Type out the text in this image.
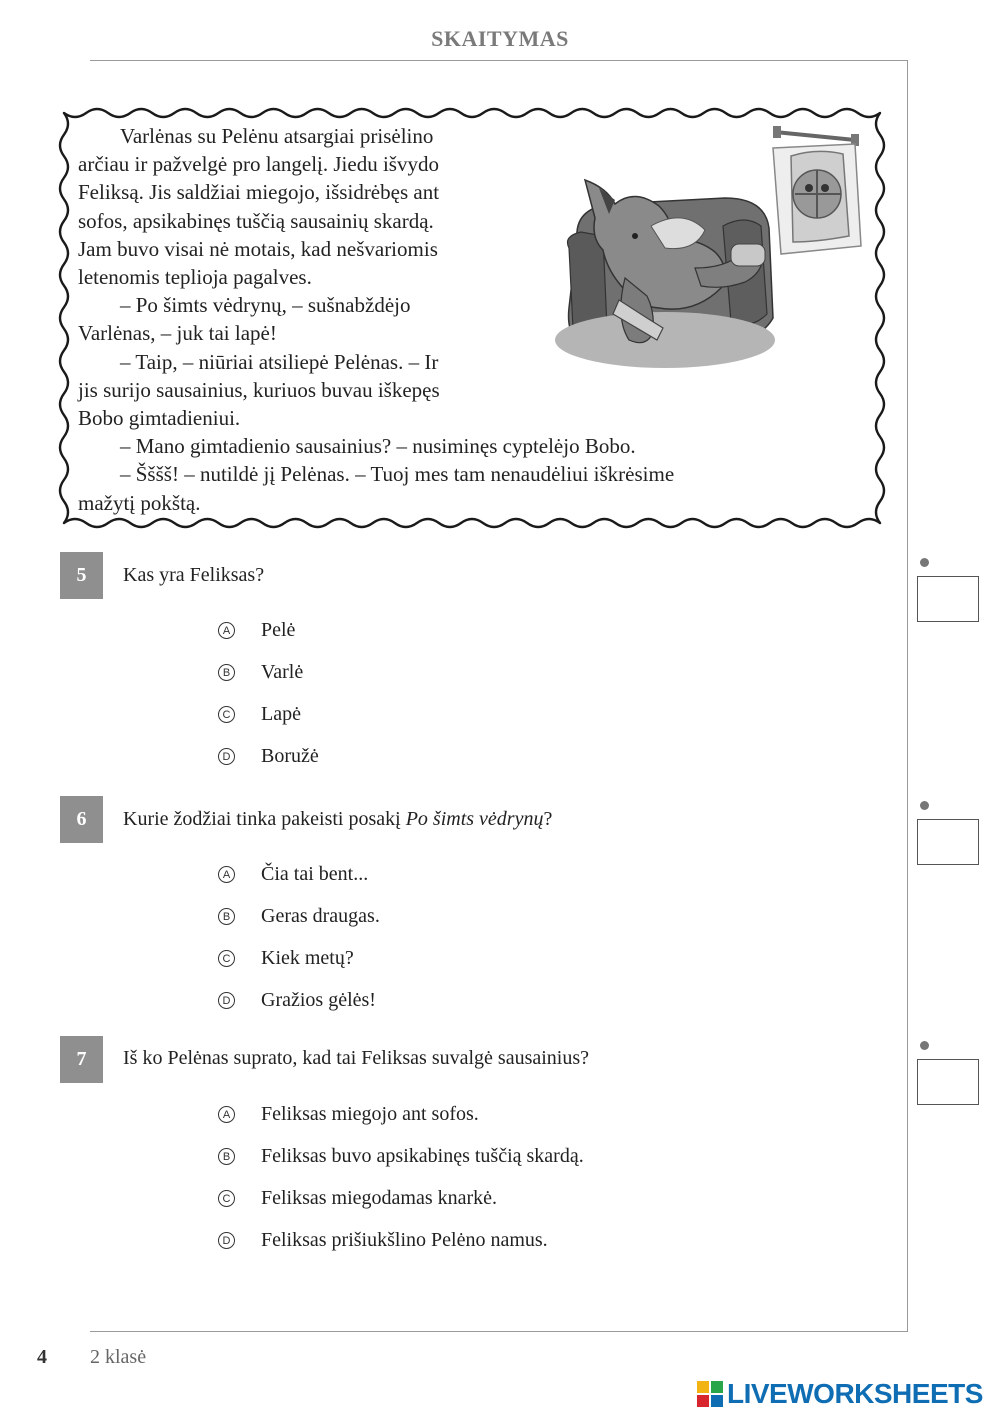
SKAITYMAS

Varlėnas su Pelėnu atsargiai prisėlino

arčiau ir pažvelgė pro langelį. Jiedu išvydo

Feliksą. Jis saldžiai miegojo, išsidrėbęs ant

sofos, apsikabinęs tuščią sausainių skardą.

Jam buvo visai nė motais, kad nešvariomis

letenomis teplioja pagalves.

– Po šimts vėdrynų, – sušnabždėjo

Varlėnas, – juk tai lapė!

– Taip, – niūriai atsiliepė Pelėnas. – Ir

jis surijo sausainius, kuriuos buvau iškepęs

Bobo gimtadieniui.

– Mano gimtadienio sausainius? – nusiminęs cyptelėjo Bobo.

– Šššš! – nutildė jį Pelėnas. – Tuoj mes tam nenaudėliui iškrėsime

mažytį pokštą.

5	Kas yra Feliksas?
A Pelė
B Varlė
C Lapė
D Boružė
6	Kurie žodžiai tinka pakeisti posakį Po šimts vėdrynų?
A Čia tai bent...
B Geras draugas.
C Kiek metų?
D Gražios gėlės!
7	Iš ko Pelėnas suprato, kad tai Feliksas suvalgė sausainius?
A Feliksas miegojo ant sofos.
B Feliksas buvo apsikabinęs tuščią skardą.
C Feliksas miegodamas knarkė.
D Feliksas prišiukšlino Pelėno namus.
4 2 klasė
LIVEWORKSHEETS
